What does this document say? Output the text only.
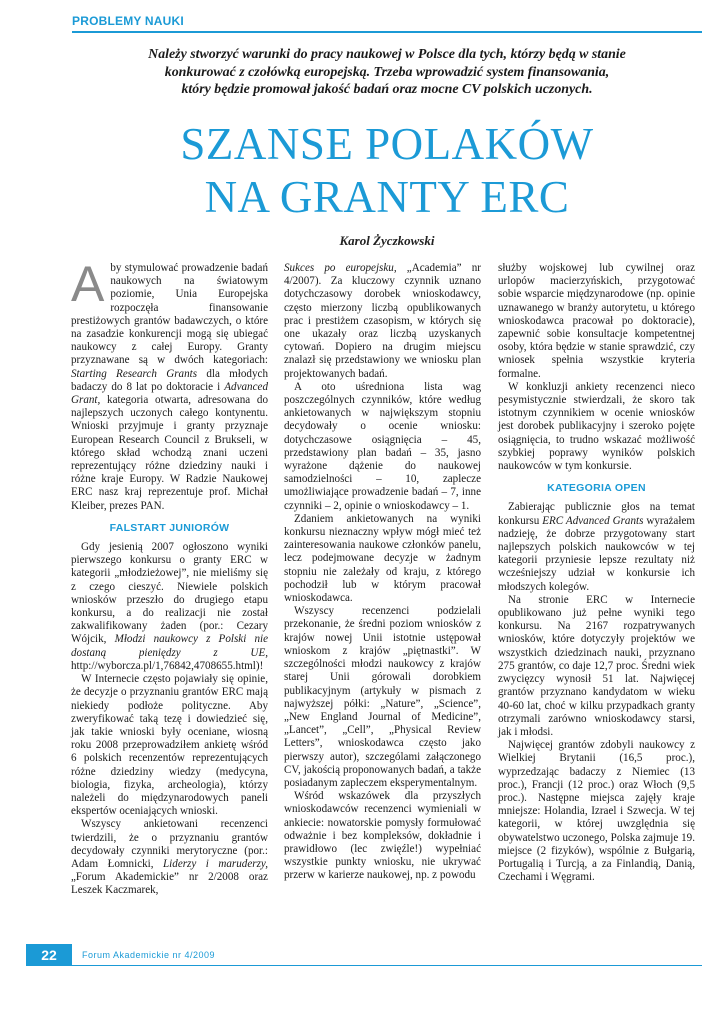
PROBLEMY NAUKI

Należy stworzyć warunki do pracy naukowej w Polsce dla tych, którzy będą w stanie

konkurować z czołówką europejską. Trzeba wprowadzić system finansowania,

który będzie promował jakość badań oraz mocne CV polskich uczonych.

SZANSE POLAKÓW
NA GRANTY ERC
Karol Życzkowski

Aby stymulować prowadzenie badań naukowych na światowym poziomie, Unia Europejska rozpoczęła finansowanie prestiżowych grantów badawczych, o które na zasadzie konkurencji mogą się ubiegać naukowcy z całej Europy. Granty przyznawane są w dwóch kategoriach: Starting Research Grants dla młodych badaczy do 8 lat po doktoracie i Advanced Grant, kategoria otwarta, adresowana do najlepszych uczonych całego kontynentu. Wnioski przyjmuje i granty przyznaje European Research Council z Brukseli, w którego skład wchodzą znani uczeni reprezentujący różne dziedziny nauki i różne kraje Europy. W Radzie Naukowej ERC nasz kraj reprezentuje prof. Michał Kleiber, prezes PAN.

FALSTART JUNIORÓW

Gdy jesienią 2007 ogłoszono wyniki pierwszego konkursu o granty ERC w kategorii „młodzieżowej”, nie mieliśmy się z czego cieszyć. Niewiele polskich wniosków przeszło do drugiego etapu konkursu, a do realizacji nie został zakwalifikowany żaden (por.: Cezary Wójcik, Młodzi naukowcy z Polski nie dostaną pieniędzy z UE, http://wyborcza.pl/1,76842,4708655.html)!

W Internecie często pojawiały się opinie, że decyzje o przyznaniu grantów ERC mają niekiedy podłoże polityczne. Aby zweryfikować taką tezę i dowiedzieć się, jak takie wnioski były oceniane, wiosną roku 2008 przeprowadziłem ankietę wśród 6 polskich recenzentów reprezentujących różne dziedziny wiedzy (medycyna, biologia, fizyka, archeologia), którzy należeli do międzynarodowych paneli ekspertów oceniających wnioski.

Wszyscy ankietowani recenzenci twierdzili, że o przyznaniu grantów decydowały czynniki merytoryczne (por.: Adam Łomnicki, Liderzy i maruderzy, „Forum Akademickie” nr 2/2008 oraz Leszek Kaczmarek,

Sukces po europejsku, „Academia” nr 4/2007). Za kluczowy czynnik uznano dotychczasowy dorobek wnioskodawcy, często mierzony liczbą opublikowanych prac i prestiżem czasopism, w których się one ukazały oraz liczbą uzyskanych cytowań. Dopiero na drugim miejscu znalazł się przedstawiony we wniosku plan projektowanych badań.

A oto uśredniona lista wag poszczególnych czynników, które według ankietowanych w największym stopniu decydowały o ocenie wniosku: dotychczasowe osiągnięcia – 45, przedstawiony plan badań – 35, jasno wyrażone dążenie do naukowej samodzielności – 10, zaplecze umożliwiające prowadzenie badań – 7, inne czynniki – 2, opinie o wnioskodawcy – 1.

Zdaniem ankietowanych na wyniki konkursu nieznaczny wpływ mógł mieć też zainteresowania naukowe członków panelu, lecz podejmowane decyzje w żadnym stopniu nie zależały od kraju, z którego pochodził lub w którym pracował wnioskodawca.

Wszyscy recenzenci podzielali przekonanie, że średni poziom wniosków z krajów nowej Unii istotnie ustępował wnioskom z krajów „piętnastki”. W szczególności młodzi naukowcy z krajów starej Unii górowali dorobkiem publikacyjnym (artykuły w pismach z najwyższej półki: „Nature”, „Science”, „New England Journal of Medicine”, „Lancet”, „Cell”, „Physical Review Letters”, wnioskodawca często jako pierwszy autor), szczególami załączonego CV, jakością proponowanych badań, a także posiadanym zapleczem eksperymentalnym.

Wśród wskazówek dla przyszłych wnioskodawców recenzenci wymieniali w ankiecie: nowatorskie pomysły formułować odważnie i bez kompleksów, dokładnie i prawidłowo (lec zwięźle!) wypełniać wszystkie punkty wniosku, nie ukrywać przerw w karierze naukowej, np. z powodu

służby wojskowej lub cywilnej oraz urlopów macierzyńskich, przygotować sobie wsparcie międzynarodowe (np. opinie uznawanego w branży autorytetu, u którego wnioskodawca pracował po doktoracie), zapewnić sobie konsultacje kompetentnej osoby, która będzie w stanie sprawdzić, czy wniosek spełnia wszystkie kryteria formalne.

W konkluzji ankiety recenzenci nieco pesymistycznie stwierdzali, że skoro tak istotnym czynnikiem w ocenie wniosków jest dorobek publikacyjny i szeroko pojęte osiągnięcia, to trudno wskazać możliwość szybkiej poprawy wyników polskich naukowców w tym konkursie.

KATEGORIA OPEN

Zabierając publicznie głos na temat konkursu ERC Advanced Grants wyrażałem nadzieję, że dobrze przygotowany start najlepszych polskich naukowców w tej kategorii przyniesie lepsze rezultaty niż wcześniejszy udział w konkursie ich młodszych kolegów.

Na stronie ERC w Internecie opublikowano już pełne wyniki tego konkursu. Na 2167 rozpatrywanych wniosków, które dotyczyły projektów we wszystkich dziedzinach nauki, przyznano 275 grantów, co daje 12,7 proc. Średni wiek zwycięzcy wynosił 51 lat. Najwięcej grantów przyznano kandydatom w wieku 40-60 lat, choć w kilku przypadkach granty otrzymali zarówno wnioskodawcy starsi, jak i młodsi.

Najwięcej grantów zdobyli naukowcy z Wielkiej Brytanii (16,5 proc.), wyprzedzając badaczy z Niemiec (13 proc.), Francji (12 proc.) oraz Włoch (9,5 proc.). Następne miejsca zajęły kraje mniejsze: Holandia, Izrael i Szwecja. W tej kategorii, w której uwzględnia się obywatelstwo uczonego, Polska zajmuje 19. miejsce (2 fizyków), wspólnie z Bułgarią, Portugalią i Turcją, a za Finlandią, Danią, Czechami i Węgrami.

22	Forum Akademickie nr 4/2009
